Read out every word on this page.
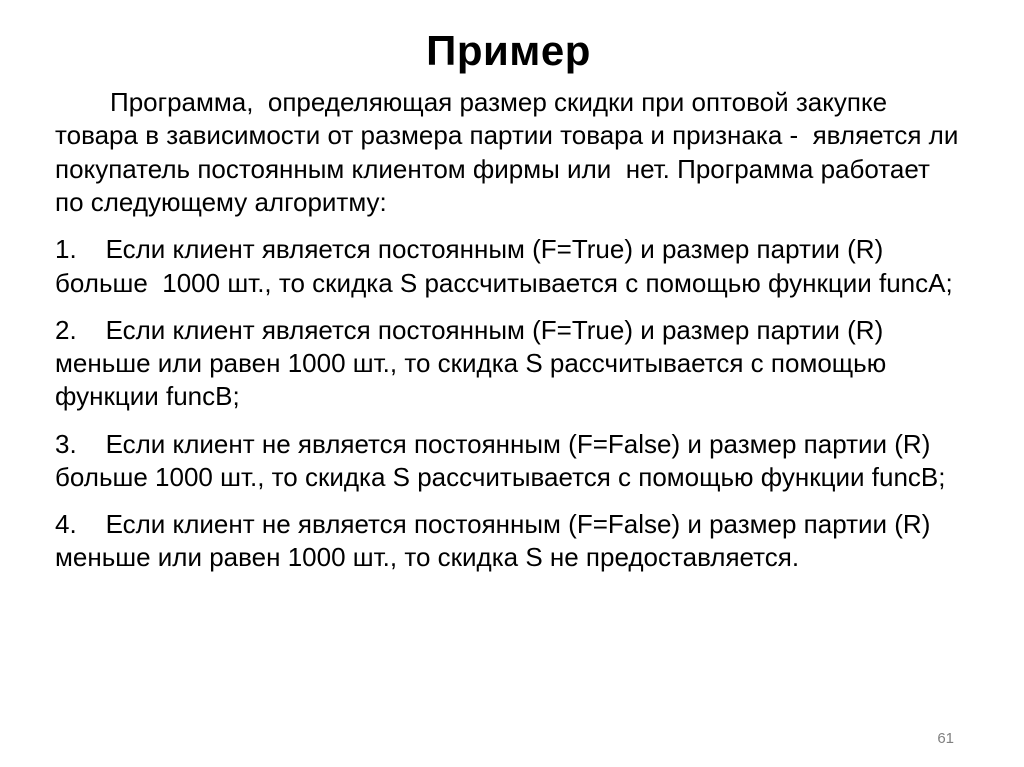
Пример

Программа,  определяющая размер скидки при оптовой закупке товара в зависимости от размера партии товара и признака -  является ли покупатель постоянным клиентом фирмы или  нет. Программа работает по следующему алгоритму:

1.    Если клиент является постоянным (F=True) и размер партии (R) больше  1000 шт., то скидка S рассчитывается с помощью функции funcA;

2.    Если клиент является постоянным (F=True) и размер партии (R) меньше или равен 1000 шт., то скидка S рассчитывается с помощью функции funcB;

3.    Если клиент не является постоянным (F=False) и размер партии (R) больше 1000 шт., то скидка S рассчитывается с помощью функции funcB;

4.    Если клиент не является постоянным (F=False) и размер партии (R)   меньше или равен 1000 шт., то скидка S не предоставляется.

61
